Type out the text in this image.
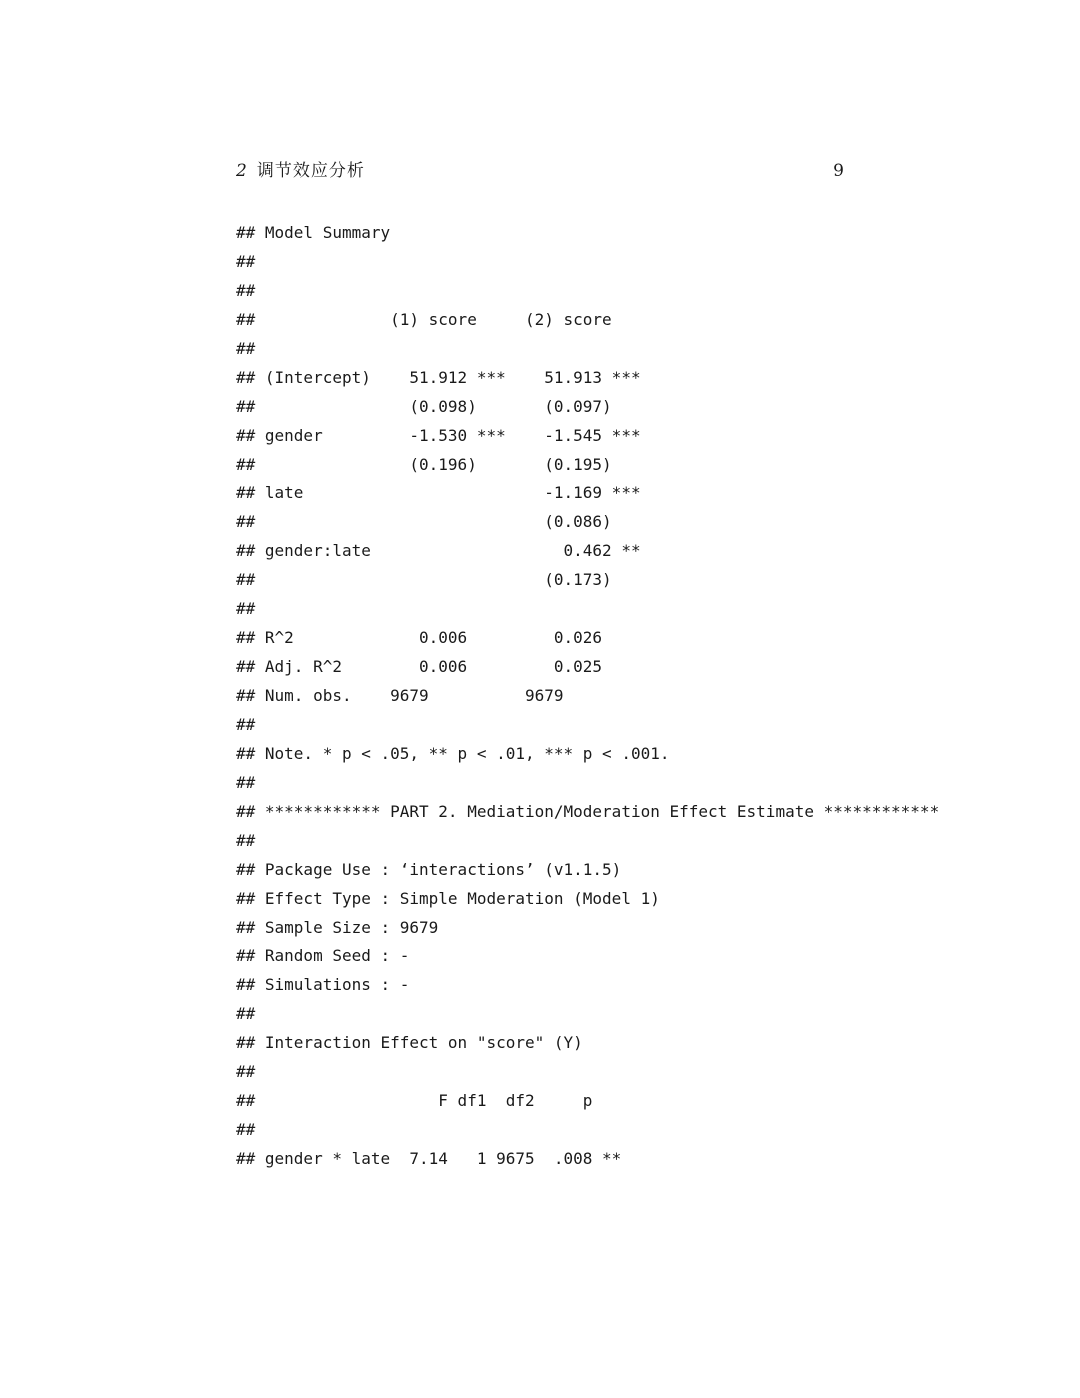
2 调节效应分析	9
## Model Summary
##
##
##              (1) score     (2) score
##
## (Intercept)    51.912 ***    51.913 ***
##                (0.098)       (0.097)
## gender         -1.530 ***    -1.545 ***
##                (0.196)       (0.195)
## late                         -1.169 ***
##                              (0.086)
## gender:late                    0.462 **
##                              (0.173)
##
## R^2             0.006         0.026
## Adj. R^2        0.006         0.025
## Num. obs.    9679          9679
##
## Note. * p < .05, ** p < .01, *** p < .001.
##
## ************ PART 2. Mediation/Moderation Effect Estimate ************
##
## Package Use : ‘interactions’ (v1.1.5)
## Effect Type : Simple Moderation (Model 1)
## Sample Size : 9679
## Random Seed : -
## Simulations : -
##
## Interaction Effect on "score" (Y)
##
##                   F df1  df2     p
##
## gender * late  7.14   1 9675  .008 **
